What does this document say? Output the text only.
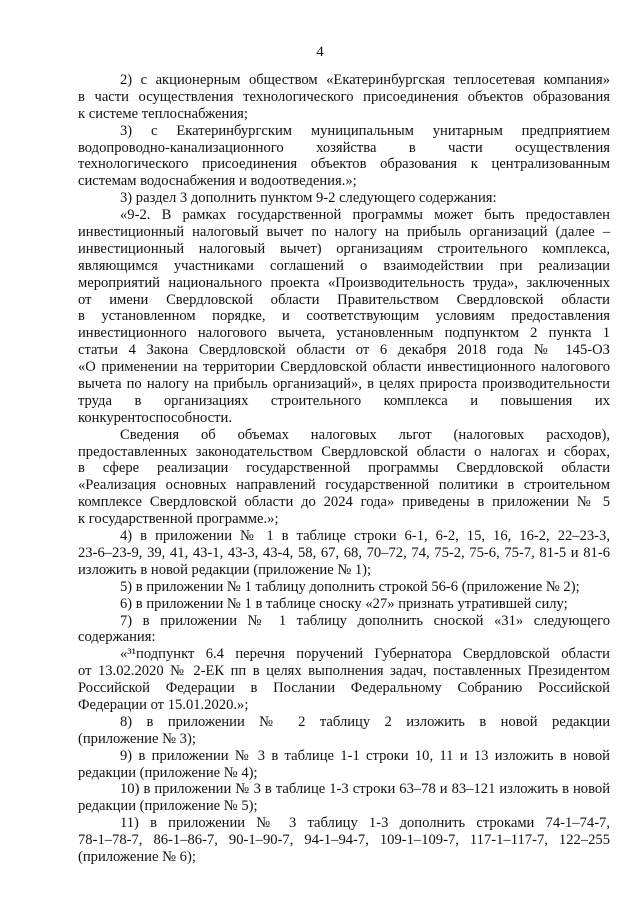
4
2) с акционерным обществом «Екатеринбургская теплосетевая компания»
в части осуществления технологического присоединения объектов образования
к системе теплоснабжения;
3) с Екатеринбургским муниципальным унитарным предприятием
водопроводно-канализационного хозяйства в части осуществления
технологического присоединения объектов образования к централизованным
системам водоснабжения и водоотведения.»;
3) раздел 3 дополнить пунктом 9-2 следующего содержания:
«9-2. В рамках государственной программы может быть предоставлен
инвестиционный налоговый вычет по налогу на прибыль организаций (далее –
инвестиционный налоговый вычет) организациям строительного комплекса,
являющимся участниками соглашений о взаимодействии при реализации
мероприятий национального проекта «Производительность труда», заключенных
от имени Свердловской области Правительством Свердловской области
в установленном порядке, и соответствующим условиям предоставления
инвестиционного налогового вычета, установленным подпунктом 2 пункта 1
статьи 4 Закона Свердловской области от 6 декабря 2018 года № 145-ОЗ
«О применении на территории Свердловской области инвестиционного налогового
вычета по налогу на прибыль организаций», в целях прироста производительности
труда в организациях строительного комплекса и повышения их
конкурентоспособности.
Сведения об объемах налоговых льгот (налоговых расходов),
предоставленных законодательством Свердловской области о налогах и сборах,
в сфере реализации государственной программы Свердловской области
«Реализация основных направлений государственной политики в строительном
комплексе Свердловской области до 2024 года» приведены в приложении № 5
к государственной программе.»;
4) в приложении № 1 в таблице строки 6-1, 6-2, 15, 16, 16-2, 22–23-3,
23-6–23-9, 39, 41, 43-1, 43-3, 43-4, 58, 67, 68, 70–72, 74, 75-2, 75-6, 75-7, 81-5 и 81-6
изложить в новой редакции (приложение № 1);
5) в приложении № 1 таблицу дополнить строкой 56-6 (приложение № 2);
6) в приложении № 1 в таблице сноску «27» признать утратившей силу;
7) в приложении № 1 таблицу дополнить сноской «31» следующего
содержания:
«³¹подпункт 6.4 перечня поручений Губернатора Свердловской области
от 13.02.2020 № 2-ЕК пп в целях выполнения задач, поставленных Президентом
Российской Федерации в Послании Федеральному Собранию Российской
Федерации от 15.01.2020.»;
8) в приложении № 2 таблицу 2 изложить в новой редакции
(приложение № 3);
9) в приложении № 3 в таблице 1-1 строки 10, 11 и 13 изложить в новой
редакции (приложение № 4);
10) в приложении № 3 в таблице 1-3 строки 63–78 и 83–121 изложить в новой
редакции (приложение № 5);
11) в приложении № 3 таблицу 1-3 дополнить строками 74-1–74-7,
78-1–78-7, 86-1–86-7, 90-1–90-7, 94-1–94-7, 109-1–109-7, 117-1–117-7, 122–255
(приложение № 6);
